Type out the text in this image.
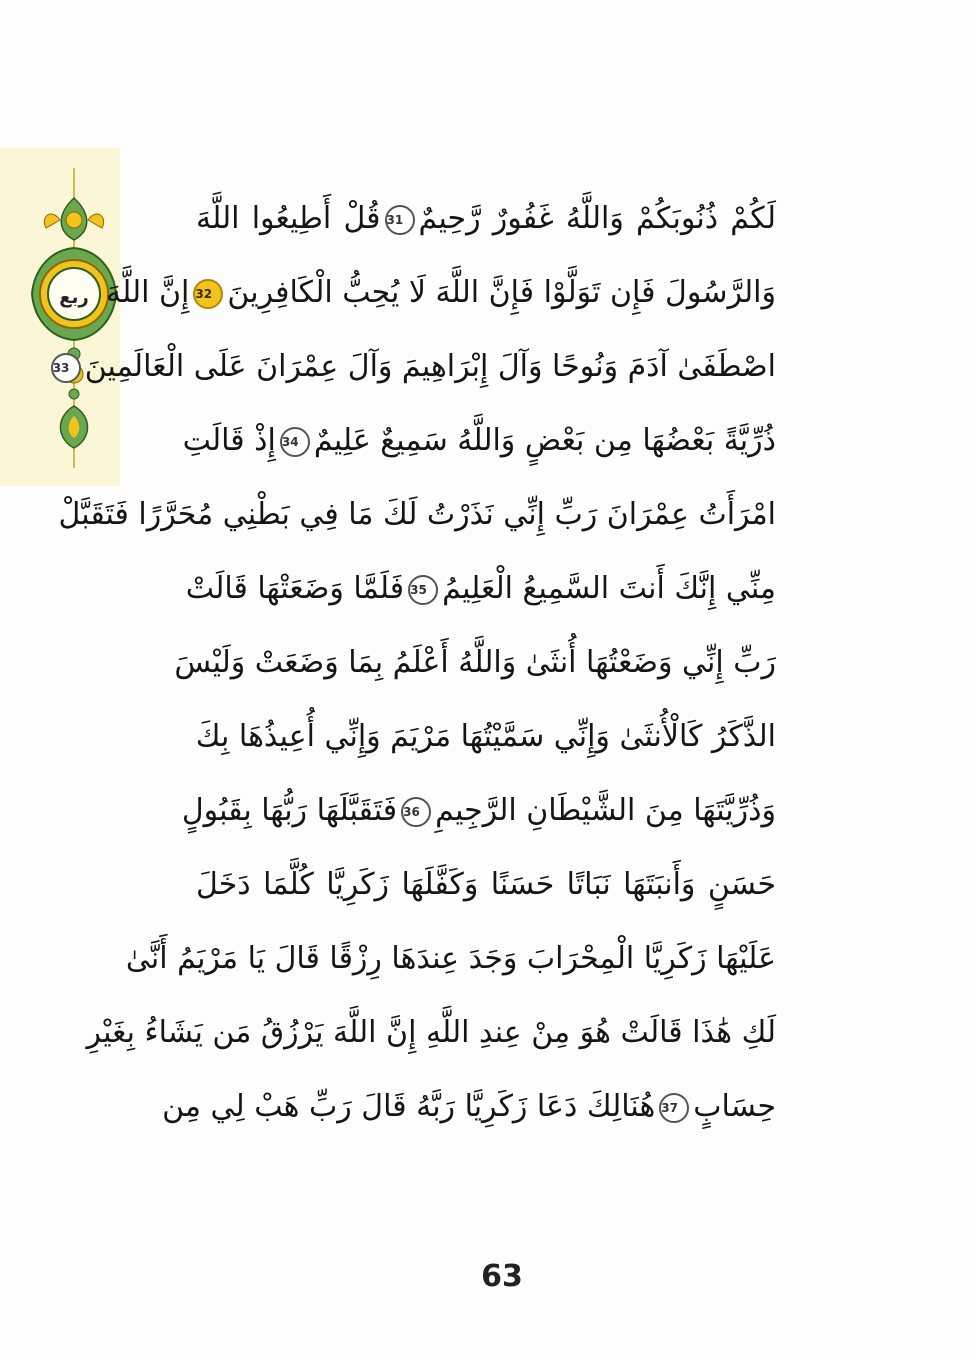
ربع
لَكُمْ ذُنُوبَكُمْ وَاللَّهُ غَفُورٌ رَّحِيمٌ31قُلْ أَطِيعُوا اللَّهَ
وَالرَّسُولَ فَإِن تَوَلَّوْا فَإِنَّ اللَّهَ لَا يُحِبُّ الْكَافِرِينَ32إِنَّ اللَّهَ
اصْطَفَىٰ آدَمَ وَنُوحًا وَآلَ إِبْرَاهِيمَ وَآلَ عِمْرَانَ عَلَى الْعَالَمِينَ33
ذُرِّيَّةً بَعْضُهَا مِن بَعْضٍ وَاللَّهُ سَمِيعٌ عَلِيمٌ34إِذْ قَالَتِ
امْرَأَتُ عِمْرَانَ رَبِّ إِنِّي نَذَرْتُ لَكَ مَا فِي بَطْنِي مُحَرَّرًا فَتَقَبَّلْ
مِنِّي إِنَّكَ أَنتَ السَّمِيعُ الْعَلِيمُ35فَلَمَّا وَضَعَتْهَا قَالَتْ
رَبِّ إِنِّي وَضَعْتُهَا أُنثَىٰ وَاللَّهُ أَعْلَمُ بِمَا وَضَعَتْ وَلَيْسَ
الذَّكَرُ كَالْأُنثَىٰ وَإِنِّي سَمَّيْتُهَا مَرْيَمَ وَإِنِّي أُعِيذُهَا بِكَ
وَذُرِّيَّتَهَا مِنَ الشَّيْطَانِ الرَّجِيمِ36فَتَقَبَّلَهَا رَبُّهَا بِقَبُولٍ
حَسَنٍ وَأَنبَتَهَا نَبَاتًا حَسَنًا وَكَفَّلَهَا زَكَرِيَّا كُلَّمَا دَخَلَ
عَلَيْهَا زَكَرِيَّا الْمِحْرَابَ وَجَدَ عِندَهَا رِزْقًا قَالَ يَا مَرْيَمُ أَنَّىٰ
لَكِ هَٰذَا قَالَتْ هُوَ مِنْ عِندِ اللَّهِ إِنَّ اللَّهَ يَرْزُقُ مَن يَشَاءُ بِغَيْرِ
حِسَابٍ37هُنَالِكَ دَعَا زَكَرِيَّا رَبَّهُ قَالَ رَبِّ هَبْ لِي مِن
63
